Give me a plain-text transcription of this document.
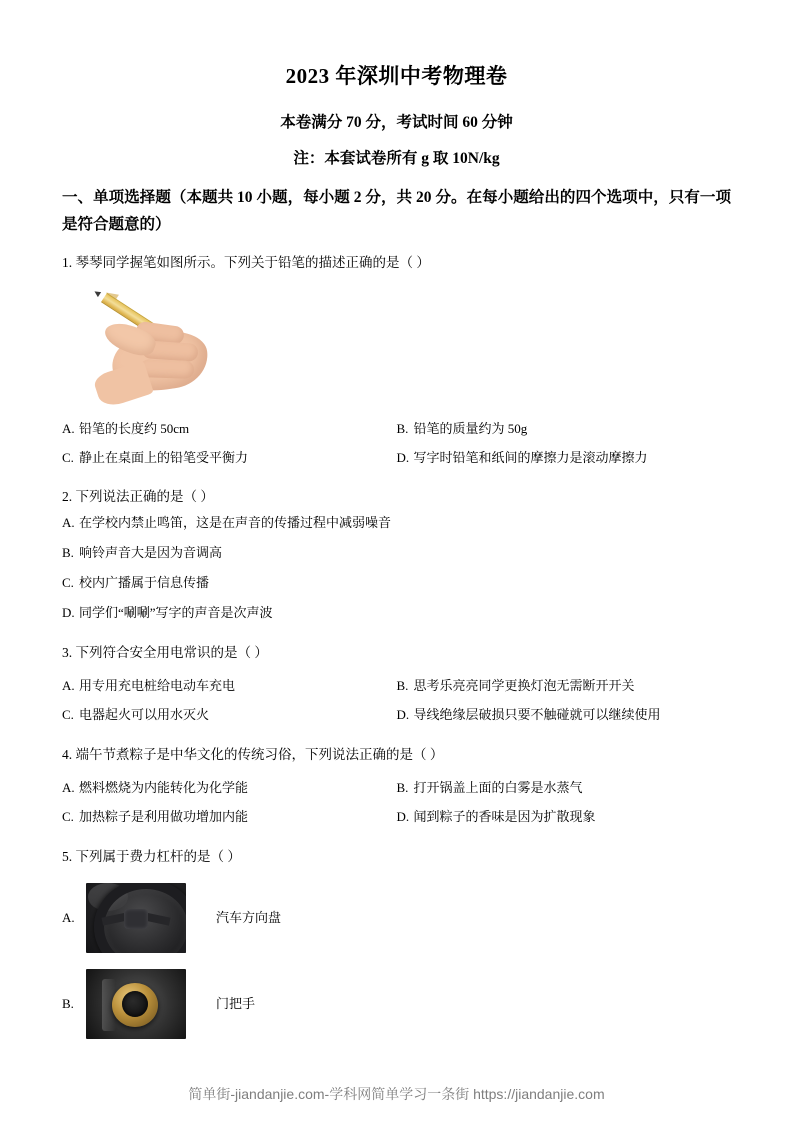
2023 年深圳中考物理卷
本卷满分 70 分，考试时间 60 分钟
注：本套试卷所有 g 取 10N/kg
一、单项选择题（本题共 10 小题，每小题 2 分，共 20 分。在每小题给出的四个选项中，只有一项是符合题意的）
1. 琴琴同学握笔如图所示。下列关于铅笔的描述正确的是（ ）
A. 铅笔的长度约 50cm	B. 铅笔的质量约为 50g
C. 静止在桌面上的铅笔受平衡力	D. 写字时铅笔和纸间的摩擦力是滚动摩擦力
2. 下列说法正确的是（ ）
A. 在学校内禁止鸣笛，这是在声音的传播过程中减弱噪音
B. 响铃声音大是因为音调高
C. 校内广播属于信息传播
D. 同学们“唰唰”写字的声音是次声波
3. 下列符合安全用电常识的是（ ）
A. 用专用充电桩给电动车充电	B. 思考乐亮亮同学更换灯泡无需断开开关
C. 电器起火可以用水灭火	D. 导线绝缘层破损只要不触碰就可以继续使用
4. 端午节煮粽子是中华文化的传统习俗，下列说法正确的是（ ）
A. 燃料燃烧为内能转化为化学能	B. 打开锅盖上面的白雾是水蒸气
C. 加热粽子是利用做功增加内能	D. 闻到粽子的香味是因为扩散现象
5. 下列属于费力杠杆的是（ ）
A.	汽车方向盘
B.	门把手
简单街-jiandanjie.com-学科网简单学习一条街 https://jiandanjie.com
